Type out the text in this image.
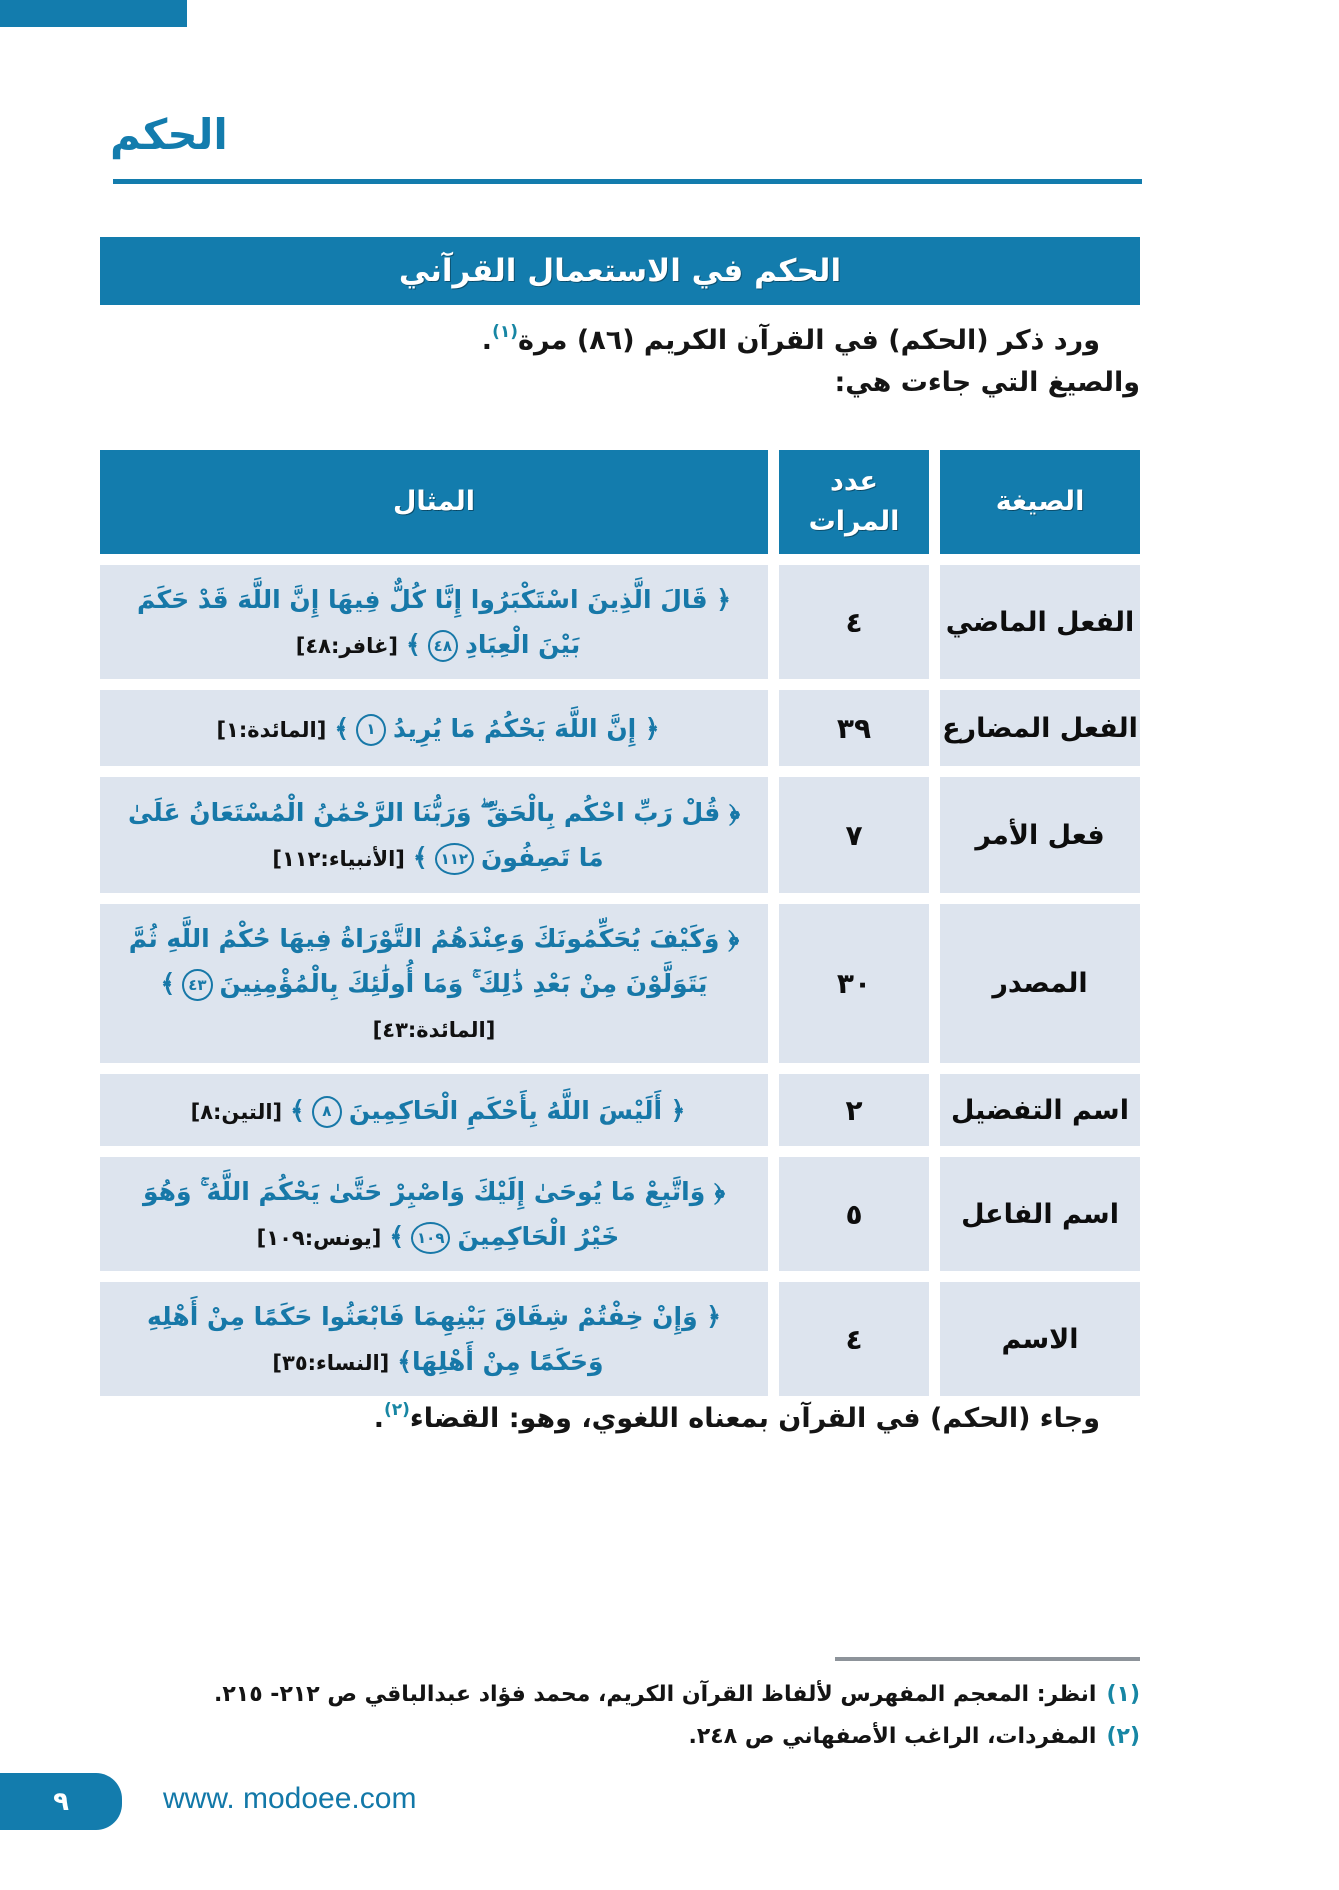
الحكم
الحكم في الاستعمال القرآني

ورد ذكر (الحكم) في القرآن الكريم (٨٦) مرة$^{(١)}$.

والصيغ التي جاءت هي:

الصيغة
عدد المرات
المثال
الفعل الماضي
٤
﴿ قَالَ الَّذِينَ اسْتَكْبَرُوا إِنَّا كُلٌّ فِيهَا إِنَّ اللَّهَ قَدْ حَكَمَ بَيْنَ الْعِبَادِ٤٨﴾[غافر:٤٨]
الفعل المضارع
٣٩
﴿ إِنَّ اللَّهَ يَحْكُمُ مَا يُرِيدُ١﴾[المائدة:١]
فعل الأمر
٧
﴿ قُلْ رَبِّ احْكُم بِالْحَقِّ ۖ وَرَبُّنَا الرَّحْمَٰنُ الْمُسْتَعَانُ عَلَىٰ مَا تَصِفُونَ١١٢﴾[الأنبياء:١١٢]
المصدر
٣٠
﴿ وَكَيْفَ يُحَكِّمُونَكَ وَعِنْدَهُمُ التَّوْرَاةُ فِيهَا حُكْمُ اللَّهِ ثُمَّ يَتَوَلَّوْنَ مِنْ بَعْدِ ذَٰلِكَ ۚ وَمَا أُولَٰئِكَ بِالْمُؤْمِنِينَ٤٣﴾[المائدة:٤٣]
اسم التفضيل
٢
﴿ أَلَيْسَ اللَّهُ بِأَحْكَمِ الْحَاكِمِينَ٨﴾[التين:٨]
اسم الفاعل
٥
﴿ وَاتَّبِعْ مَا يُوحَىٰ إِلَيْكَ وَاصْبِرْ حَتَّىٰ يَحْكُمَ اللَّهُ ۚ وَهُوَ خَيْرُ الْحَاكِمِينَ١٠٩﴾[يونس:١٠٩]
الاسم
٤
﴿ وَإِنْ خِفْتُمْ شِقَاقَ بَيْنِهِمَا فَابْعَثُوا حَكَمًا مِنْ أَهْلِهِ وَحَكَمًا مِنْ أَهْلِهَا﴾[النساء:٣٥]

وجاء (الحكم) في القرآن بمعناه اللغوي، وهو: القضاء$^{(٢)}$.

(١)انظر: المعجم المفهرس لألفاظ القرآن الكريم، محمد فؤاد عبدالباقي ص ٢١٢- ٢١٥.

(٢)المفردات، الراغب الأصفهاني ص ٢٤٨.

٩	www. modoee.com
